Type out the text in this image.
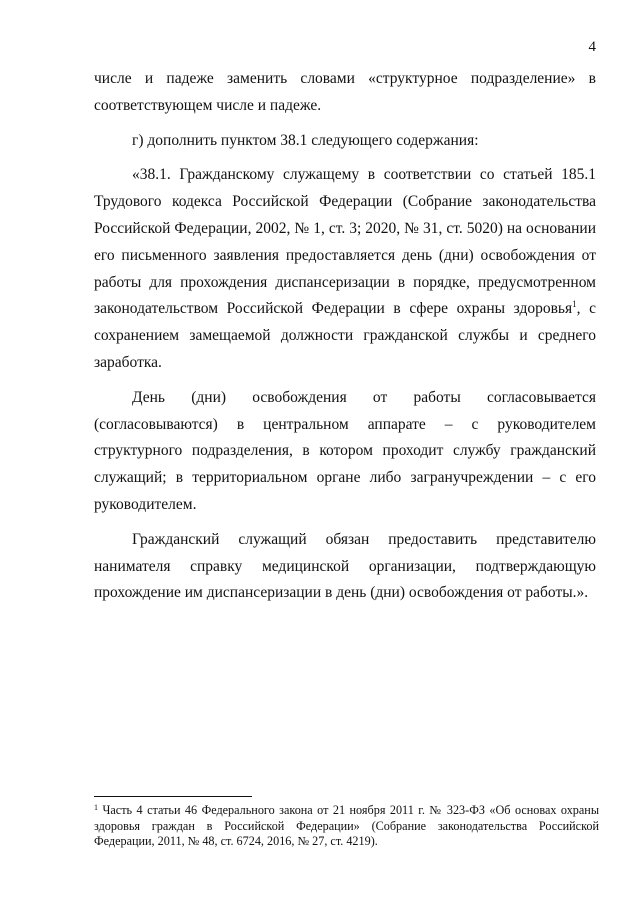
4

числе и падеже заменить словами «структурное подразделение» в соответствующем числе и падеже.

г) дополнить пунктом 38.1 следующего содержания:

«38.1. Гражданскому служащему в соответствии со статьей 185.1 Трудового кодекса Российской Федерации (Собрание законодательства Российской Федерации, 2002, № 1, ст. 3; 2020, № 31, ст. 5020) на основании его письменного заявления предоставляется день (дни) освобождения от работы для прохождения диспансеризации в порядке, предусмотренном законодательством Российской Федерации в сфере охраны здоровья$^1$, с сохранением замещаемой должности гражданской службы и среднего заработка.

День (дни) освобождения от работы согласовывается (согласовываются) в центральном аппарате – с руководителем структурного подразделения, в котором проходит службу гражданский служащий; в территориальном органе либо загранучреждении – с его руководителем.

Гражданский служащий обязан предоставить представителю нанимателя справку медицинской организации, подтверждающую прохождение им диспансеризации в день (дни) освобождения от работы.».

$^1$ Часть 4 статьи 46 Федерального закона от 21 ноября 2011 г. № 323-ФЗ «Об основах охраны здоровья граждан в Российской Федерации» (Собрание законодательства Российской Федерации, 2011, № 48, ст. 6724, 2016, № 27, ст. 4219).
